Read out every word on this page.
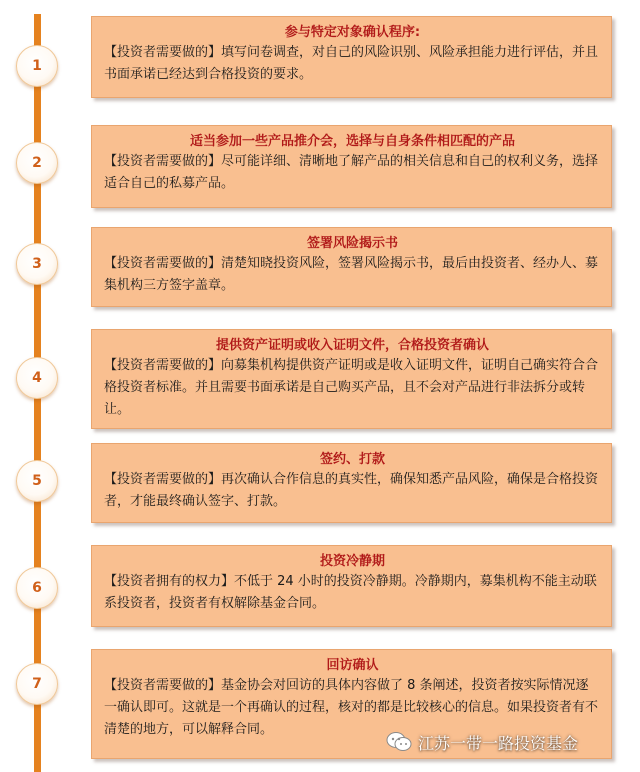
1
参与特定对象确认程序:
【投资者需要做的】填写问卷调查，对自己的风险识别、风险承担能力进行评估，并且书面承诺已经达到合格投资的要求。
2
适当参加一些产品推介会，选择与自身条件相匹配的产品
【投资者需要做的】尽可能详细、清晰地了解产品的相关信息和自己的权利义务，选择适合自己的私募产品。
3
签署风险揭示书
【投资者需要做的】清楚知晓投资风险，签署风险揭示书，最后由投资者、经办人、募集机构三方签字盖章。
4
提供资产证明或收入证明文件，合格投资者确认
【投资者需要做的】向募集机构提供资产证明或是收入证明文件，证明自己确实符合合格投资者标准。并且需要书面承诺是自己购买产品，且不会对产品进行非法拆分或转让。
5
签约、打款
【投资者需要做的】再次确认合作信息的真实性，确保知悉产品风险，确保是合格投资者，才能最终确认签字、打款。
6
投资冷静期
【投资者拥有的权力】不低于 24 小时的投资冷静期。冷静期内，募集机构不能主动联系投资者，投资者有权解除基金合同。
7
回访确认
【投资者需要做的】基金协会对回访的具体内容做了 8 条阐述，投资者按实际情况逐一确认即可。这就是一个再确认的过程，核对的都是比较核心的信息。如果投资者有不清楚的地方，可以解释合同。
江苏一带一路投资基金
